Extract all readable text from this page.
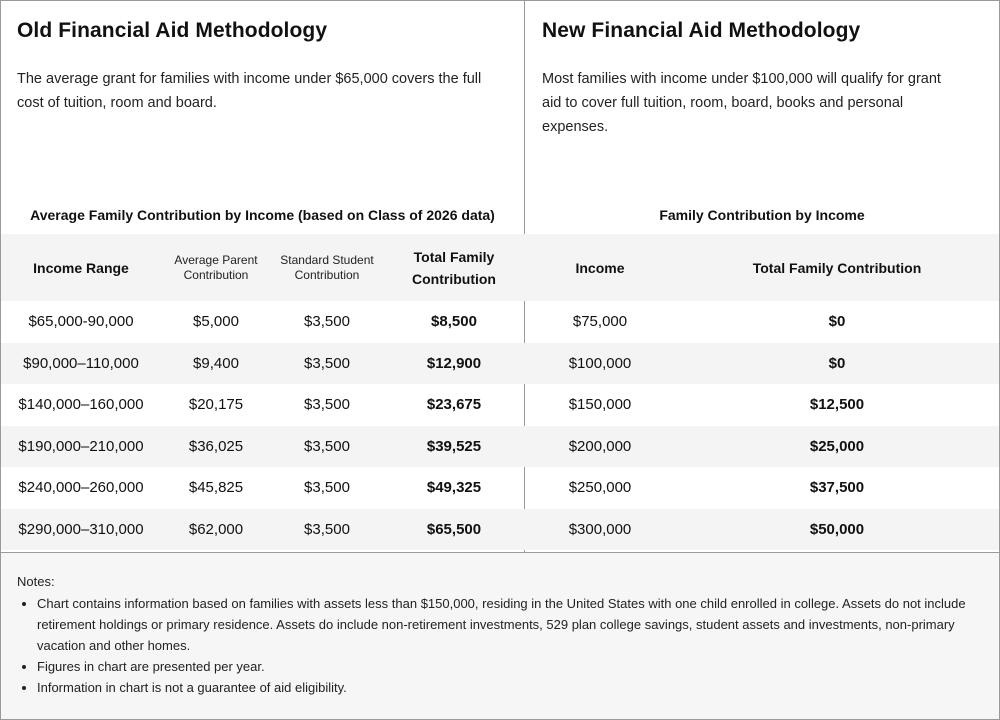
Old Financial Aid Methodology

The average grant for families with income under $65,000 covers the full cost of tuition, room and board.

Average Family Contribution by Income (based on Class of 2026 data)
Income Range	Average Parent Contribution	Standard Student Contribution	Total Family Contribution
$65,000-90,000	$5,000	$3,500	$8,500
$90,000–110,000	$9,400	$3,500	$12,900
$140,000–160,000	$20,175	$3,500	$23,675
$190,000–210,000	$36,025	$3,500	$39,525
$240,000–260,000	$45,825	$3,500	$49,325
$290,000–310,000	$62,000	$3,500	$65,500
New Financial Aid Methodology

Most families with income under $100,000 will qualify for grant aid to cover full tuition, room, board, books and personal expenses.

Family Contribution by Income
Income	Total Family Contribution
$75,000	$0
$100,000	$0
$150,000	$12,500
$200,000	$25,000
$250,000	$37,500
$300,000	$50,000
Notes:
• Chart contains information based on families with assets less than $150,000, residing in the United States with one child enrolled in college. Assets do not include retirement holdings or primary residence. Assets do include non-retirement investments, 529 plan college savings, student assets and investments, non-primary vacation and other homes.
• Figures in chart are presented per year.
• Information in chart is not a guarantee of aid eligibility.
